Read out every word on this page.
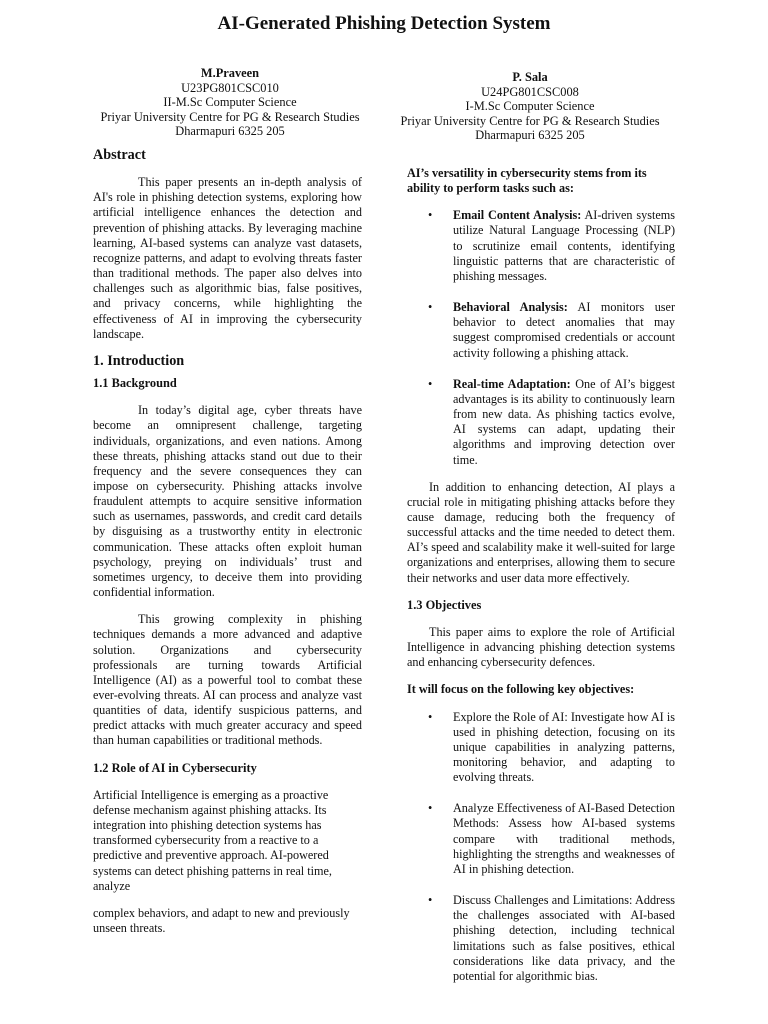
AI-Generated Phishing Detection System
M.Praveen
U23PG801CSC010
II-M.Sc Computer Science
Priyar University Centre for PG & Research Studies
Dharmapuri 6325 205
P. Sala
U24PG801CSC008
I-M.Sc Computer Science
Priyar University Centre for PG & Research Studies
Dharmapuri 6325 205
Abstract

This paper presents an in-depth analysis of AI's role in phishing detection systems, exploring how artificial intelligence enhances the detection and prevention of phishing attacks. By leveraging machine learning, AI-based systems can analyze vast datasets, recognize patterns, and adapt to evolving threats faster than traditional methods. The paper also delves into challenges such as algorithmic bias, false positives, and privacy concerns, while highlighting the effectiveness of AI in improving the cybersecurity landscape.

1. Introduction
1.1 Background

In today’s digital age, cyber threats have become an omnipresent challenge, targeting individuals, organizations, and even nations. Among these threats, phishing attacks stand out due to their frequency and the severe consequences they can impose on cybersecurity. Phishing attacks involve fraudulent attempts to acquire sensitive information such as usernames, passwords, and credit card details by disguising as a trustworthy entity in electronic communication. These attacks often exploit human psychology, preying on individuals’ trust and sometimes urgency, to deceive them into providing confidential information.

This growing complexity in phishing techniques demands a more advanced and adaptive solution. Organizations and cybersecurity professionals are turning towards Artificial Intelligence (AI) as a powerful tool to combat these ever-evolving threats. AI can process and analyze vast quantities of data, identify suspicious patterns, and predict attacks with much greater accuracy and speed than human capabilities or traditional methods.

1.2 Role of AI in Cybersecurity

Artificial Intelligence is emerging as a proactive defense mechanism against phishing attacks. Its integration into phishing detection systems has transformed cybersecurity from a reactive to a predictive and preventive approach. AI-powered systems can detect phishing patterns in real time, analyze

complex behaviors, and adapt to new and previously unseen threats.

AI’s versatility in cybersecurity stems from its ability to perform tasks such as:

• Email Content Analysis: AI-driven systems utilize Natural Language Processing (NLP) to scrutinize email contents, identifying linguistic patterns that are characteristic of phishing messages.
• Behavioral Analysis: AI monitors user behavior to detect anomalies that may suggest compromised credentials or account activity following a phishing attack.
• Real-time Adaptation: One of AI’s biggest advantages is its ability to continuously learn from new data. As phishing tactics evolve, AI systems can adapt, updating their algorithms and improving detection over time.

In addition to enhancing detection, AI plays a crucial role in mitigating phishing attacks before they cause damage, reducing both the frequency of successful attacks and the time needed to detect them. AI’s speed and scalability make it well-suited for large organizations and enterprises, allowing them to secure their networks and user data more effectively.

1.3 Objectives

This paper aims to explore the role of Artificial Intelligence in advancing phishing detection systems and enhancing cybersecurity defences.

It will focus on the following key objectives:

• Explore the Role of AI: Investigate how AI is used in phishing detection, focusing on its unique capabilities in analyzing patterns, monitoring behavior, and adapting to evolving threats.
• Analyze Effectiveness of AI-Based Detection Methods: Assess how AI-based systems compare with traditional methods, highlighting the strengths and weaknesses of AI in phishing detection.
• Discuss Challenges and Limitations: Address the challenges associated with AI-based phishing detection, including technical limitations such as false positives, ethical considerations like data privacy, and the potential for algorithmic bias.
